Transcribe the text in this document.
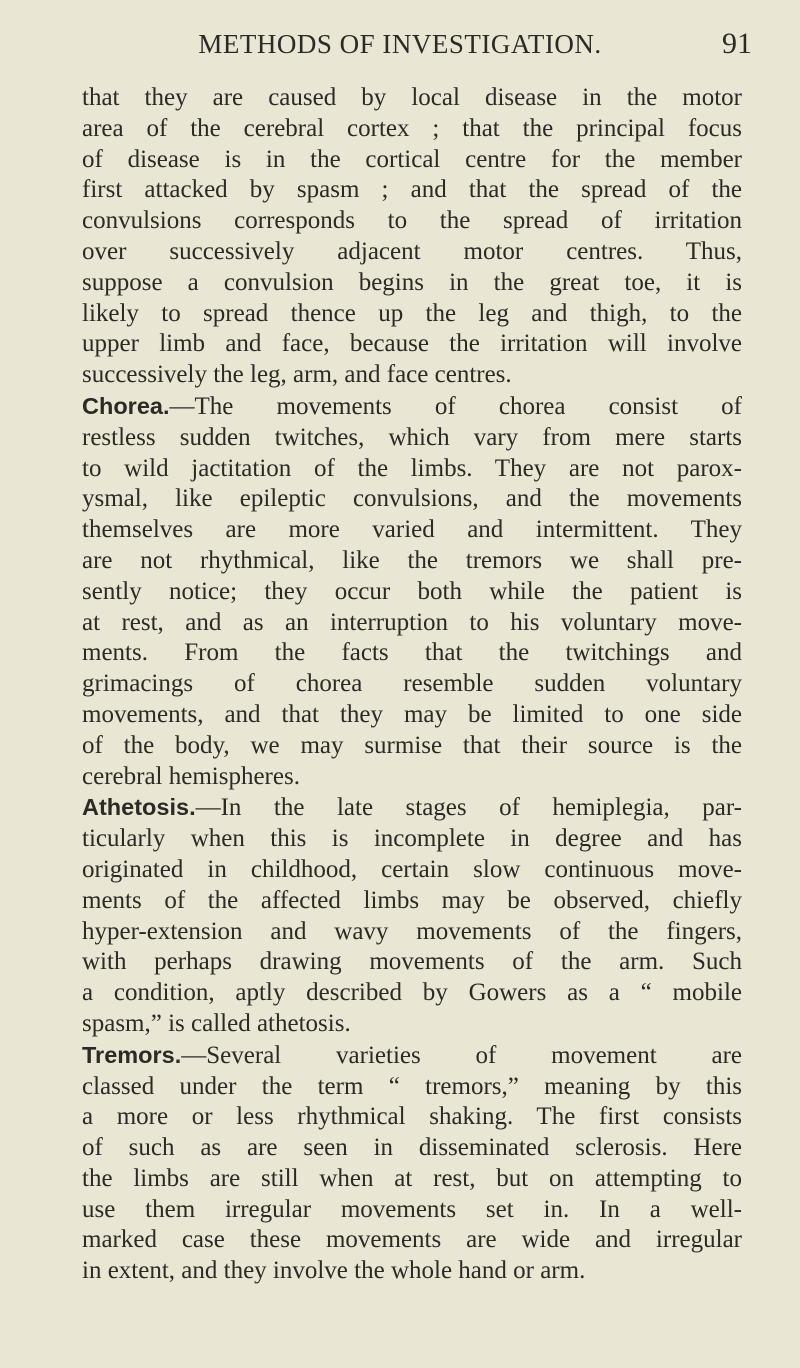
METHODS OF INVESTIGATION.	91
that they are caused by local disease in the motor
area of the cerebral cortex ; that the principal focus
of disease is in the cortical centre for the member
first attacked by spasm ; and that the spread of the
convulsions corresponds to the spread of irritation
over successively adjacent motor centres. Thus,
suppose a convulsion begins in the great toe, it is
likely to spread thence up the leg and thigh, to the
upper limb and face, because the irritation will involve
successively the leg, arm, and face centres.
Chorea.—The movements of chorea consist of
restless sudden twitches, which vary from mere starts
to wild jactitation of the limbs. They are not parox-
ysmal, like epileptic convulsions, and the movements
themselves are more varied and intermittent. They
are not rhythmical, like the tremors we shall pre-
sently notice; they occur both while the patient is
at rest, and as an interruption to his voluntary move-
ments. From the facts that the twitchings and
grimacings of chorea resemble sudden voluntary
movements, and that they may be limited to one side
of the body, we may surmise that their source is the
cerebral hemispheres.
Athetosis.—In the late stages of hemiplegia, par-
ticularly when this is incomplete in degree and has
originated in childhood, certain slow continuous move-
ments of the affected limbs may be observed, chiefly
hyper-extension and wavy movements of the fingers,
with perhaps drawing movements of the arm. Such
a condition, aptly described by Gowers as a “ mobile
spasm,” is called athetosis.
Tremors.—Several varieties of movement are
classed under the term “ tremors,” meaning by this
a more or less rhythmical shaking. The first consists
of such as are seen in disseminated sclerosis. Here
the limbs are still when at rest, but on attempting to
use them irregular movements set in. In a well-
marked case these movements are wide and irregular
in extent, and they involve the whole hand or arm.
